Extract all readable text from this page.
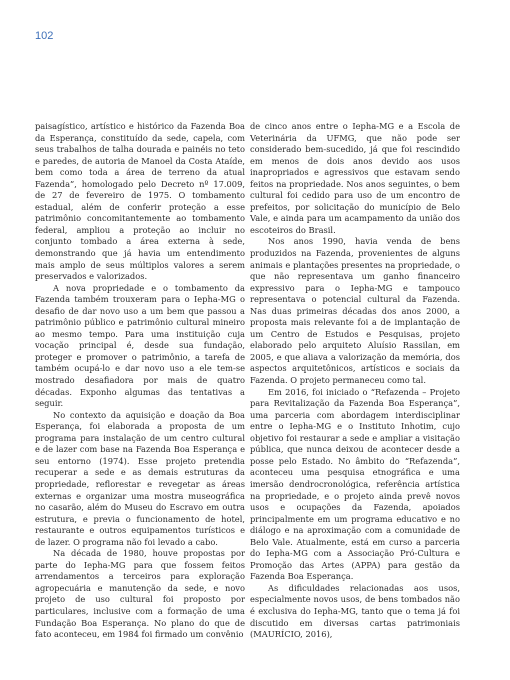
102

paisagístico, artístico e histórico da Fazenda Boa da Esperança, constituído da sede, capela, com seus trabalhos de talha dourada e painéis no teto e paredes, de autoria de Manoel da Costa Ataíde, bem como toda a área de terreno da atual Fazenda”, homologado pelo Decreto nº 17.009, de 27 de fevereiro de 1975. O tombamento estadual, além de conferir proteção a esse patrimônio concomitantemente ao tombamento federal, ampliou a proteção ao incluir no conjunto tombado a área externa à sede, demonstrando que já havia um entendimento mais amplo de seus múltiplos valores a serem preservados e valorizados.

A nova propriedade e o tombamento da Fazenda também trouxeram para o Iepha-MG o desafio de dar novo uso a um bem que passou a patrimônio público e patrimônio cultural mineiro ao mesmo tempo. Para uma instituição cuja vocação principal é, desde sua fundação, proteger e promover o patrimônio, a tarefa de também ocupá-lo e dar novo uso a ele tem-se mostrado desafiadora por mais de quatro décadas. Exponho algumas das tentativas a seguir.

No contexto da aquisição e doação da Boa Esperança, foi elaborada a proposta de um programa para instalação de um centro cultural e de lazer com base na Fazenda Boa Esperança e seu entorno (1974). Esse projeto pretendia recuperar a sede e as demais estruturas da propriedade, reflorestar e revegetar as áreas externas e organizar uma mostra museográfica no casarão, além do Museu do Escravo em outra estrutura, e previa o funcionamento de hotel, restaurante e outros equipamentos turísticos e de lazer. O programa não foi levado a cabo.

Na década de 1980, houve propostas por parte do Iepha-MG para que fossem feitos arrendamentos a terceiros para exploração agropecuária e manutenção da sede, e novo projeto de uso cultural foi proposto por particulares, inclusive com a formação de uma Fundação Boa Esperança. No plano do que de fato aconteceu, em 1984 foi firmado um convênio

de cinco anos entre o Iepha-MG e a Escola de Veterinária da UFMG, que não pode ser considerado bem-sucedido, já que foi rescindido em menos de dois anos devido aos usos inapropriados e agressivos que estavam sendo feitos na propriedade. Nos anos seguintes, o bem cultural foi cedido para uso de um encontro de prefeitos, por solicitação do município de Belo Vale, e ainda para um acampamento da união dos escoteiros do Brasil.

Nos anos 1990, havia venda de bens produzidos na Fazenda, provenientes de alguns animais e plantações presentes na propriedade, o que não representava um ganho financeiro expressivo para o Iepha-MG e tampouco representava o potencial cultural da Fazenda. Nas duas primeiras décadas dos anos 2000, a proposta mais relevante foi a de implantação de um Centro de Estudos e Pesquisas, projeto elaborado pelo arquiteto Aluísio Rassilan, em 2005, e que aliava a valorização da memória, dos aspectos arquitetônicos, artísticos e sociais da Fazenda. O projeto permaneceu como tal.

Em 2016, foi iniciado o “Refazenda – Projeto para Revitalização da Fazenda Boa Esperança”, uma parceria com abordagem interdisciplinar entre o Iepha-MG e o Instituto Inhotim, cujo objetivo foi restaurar a sede e ampliar a visitação pública, que nunca deixou de acontecer desde a posse pelo Estado. No âmbito do “Refazenda”, aconteceu uma pesquisa etnográfica e uma imersão dendrocronológica, referência artística na propriedade, e o projeto ainda prevê novos usos e ocupações da Fazenda, apoiados principalmente em um programa educativo e no diálogo e na aproximação com a comunidade de Belo Vale. Atualmente, está em curso a parceria do Iepha-MG com a Associação Pró-Cultura e Promoção das Artes (APPA) para gestão da Fazenda Boa Esperança.

As dificuldades relacionadas aos usos, especialmente novos usos, de bens tombados não é exclusiva do Iepha-MG, tanto que o tema já foi discutido em diversas cartas patrimoniais (MAURÍCIO, 2016),
